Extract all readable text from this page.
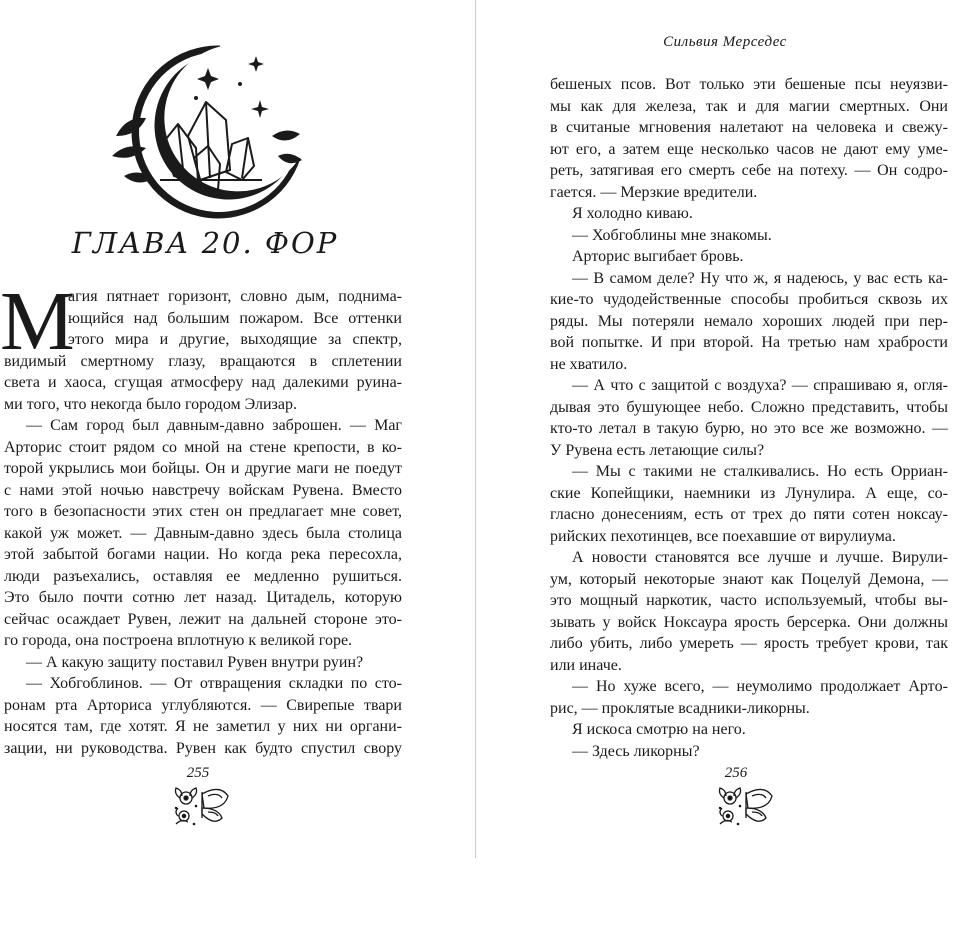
ГЛАВА 20. ФОР
М
агия пятнает горизонт, словно дым, поднима-
ющийся над большим пожаром. Все оттенки
этого мира и другие, выходящие за спектр,
видимый смертному глазу, вращаются в сплетении
света и хаоса, сгущая атмосферу над далекими руина-
ми того, что некогда было городом Элизар.
— Сам город был давным-давно заброшен. — Маг
Арторис стоит рядом со мной на стене крепости, в ко-
торой укрылись мои бойцы. Он и другие маги не поедут
с нами этой ночью навстречу войскам Рувена. Вместо
того в безопасности этих стен он предлагает мне совет,
какой уж может. — Давным-давно здесь была столица
этой забытой богами нации. Но когда река пересохла,
люди разъехались, оставляя ее медленно рушиться.
Это было почти сотню лет назад. Цитадель, которую
сейчас осаждает Рувен, лежит на дальней стороне это-
го города, она построена вплотную к великой горе.
— А какую защиту поставил Рувен внутри руин?
— Хобгоблинов. — От отвращения складки по сто-
ронам рта Арториса углубляются. — Свирепые твари
носятся там, где хотят. Я не заметил у них ни органи-
зации, ни руководства. Рувен как будто спустил свору
255
Сильвия Мерседес
бешеных псов. Вот только эти бешеные псы неуязви-
мы как для железа, так и для магии смертных. Они
в считаные мгновения налетают на человека и свежу-
ют его, а затем еще несколько часов не дают ему уме-
реть, затягивая его смерть себе на потеху. — Он содро-
гается. — Мерзкие вредители.
Я холодно киваю.
— Хобгоблины мне знакомы.
Арторис выгибает бровь.
— В самом деле? Ну что ж, я надеюсь, у вас есть ка-
кие-то чудодейственные способы пробиться сквозь их
ряды. Мы потеряли немало хороших людей при пер-
вой попытке. И при второй. На третью нам храбрости
не хватило.
— А что с защитой с воздуха? — спрашиваю я, огля-
дывая это бушующее небо. Сложно представить, чтобы
кто-то летал в такую бурю, но это все же возможно. —
У Рувена есть летающие силы?
— Мы с такими не сталкивались. Но есть Орриан-
ские Копейщики, наемники из Лунулира. А еще, со-
гласно донесениям, есть от трех до пяти сотен ноксау-
рийских пехотинцев, все поехавшие от вирулиума.
А новости становятся все лучше и лучше. Вирули-
ум, который некоторые знают как Поцелуй Демона, —
это мощный наркотик, часто используемый, чтобы вы-
зывать у войск Ноксаура ярость берсерка. Они должны
либо убить, либо умереть — ярость требует крови, так
или иначе.
— Но хуже всего, — неумолимо продолжает Артo-
рис, — проклятые всадники-ликорны.
Я искоса смотрю на него.
— Здесь ликорны?
256
